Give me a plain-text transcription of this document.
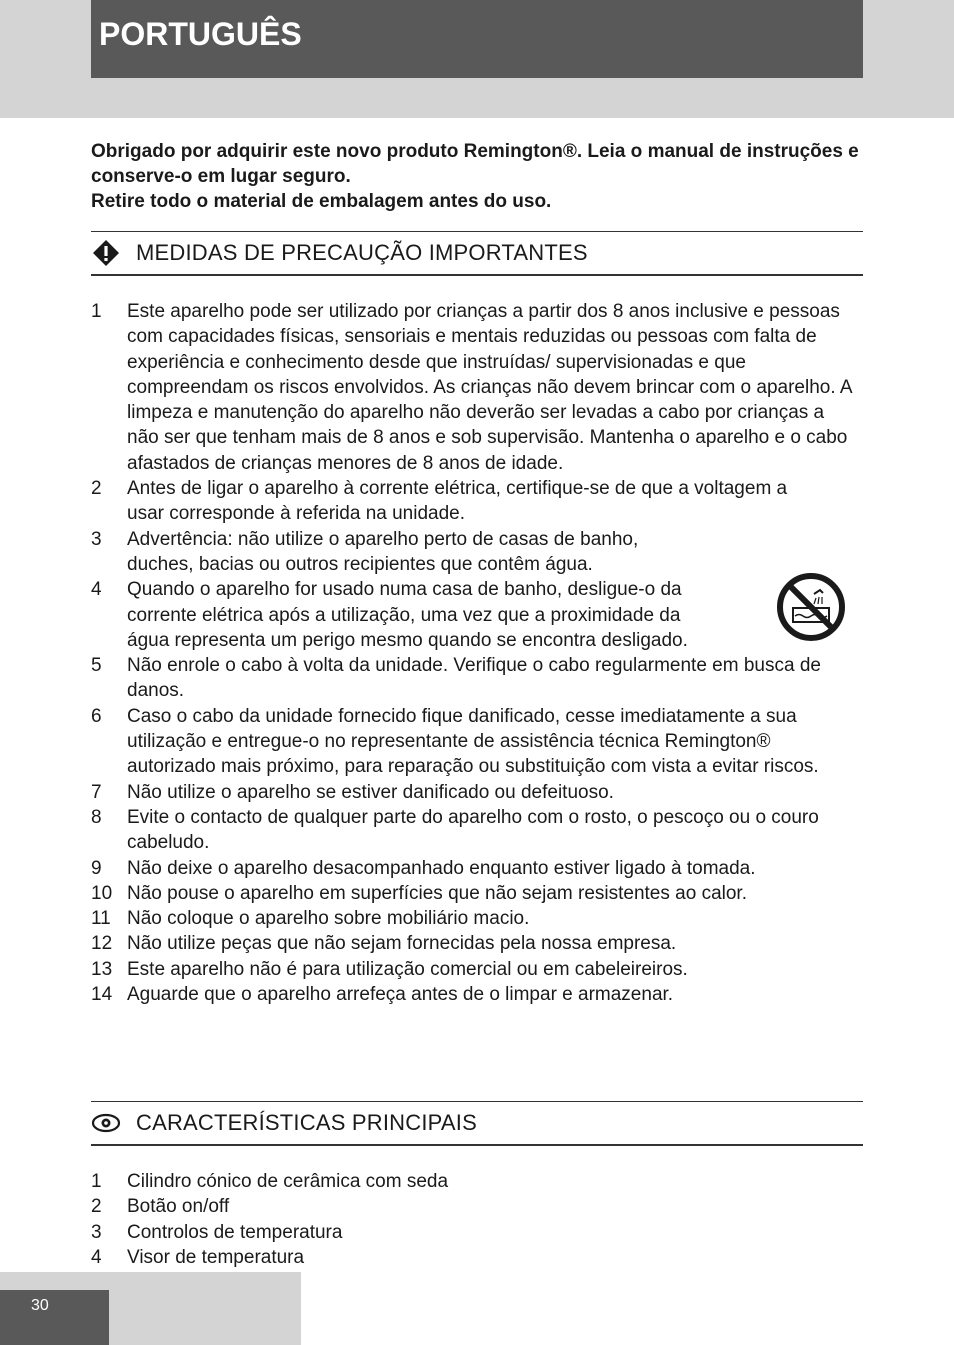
PORTUGUÊS

Obrigado por adquirir este novo produto Remington®. Leia o manual de instruções e conserve-o em lugar seguro.

Retire todo o material de embalagem antes do uso.

MEDIDAS DE PRECAUÇÃO IMPORTANTES
1	Este aparelho pode ser utilizado por crianças a partir dos 8 anos inclusive e pessoas com capacidades físicas, sensoriais e mentais reduzidas ou pessoas com falta de experiência e conhecimento desde que instruídas/ supervisionadas e que compreendam os riscos envolvidos. As crianças não devem brincar com o aparelho. A limpeza e manutenção do aparelho não deverão ser levadas a cabo por crianças a não ser que tenham mais de 8 anos e sob supervisão. Mantenha o aparelho e o cabo afastados de crianças menores de 8 anos de idade.
2	Antes de ligar o aparelho à corrente elétrica, certifique-se de que a voltagem a usar corresponde à referida na unidade.
3	Advertência: não utilize o aparelho perto de casas de banho, duches, bacias ou outros recipientes que contêm água.
4	Quando o aparelho for usado numa casa de banho, desligue-o da corrente elétrica após a utilização, uma vez que a proximidade da água representa um perigo mesmo quando se encontra desligado.
5	Não enrole o cabo à volta da unidade. Verifique o cabo regularmente em busca de danos.
6	Caso o cabo da unidade fornecido fique danificado, cesse imediatamente a sua utilização e entregue-o no representante de assistência técnica Remington® autorizado mais próximo, para reparação ou substituição com vista a evitar riscos.
7	Não utilize o aparelho se estiver danificado ou defeituoso.
8	Evite o contacto de qualquer parte do aparelho com o rosto, o pescoço ou o couro cabeludo.
9	Não deixe o aparelho desacompanhado enquanto estiver ligado à tomada.
10 Não pouse o aparelho em superfícies que não sejam resistentes ao calor.
11 Não coloque o aparelho sobre mobiliário macio.
12 Não utilize peças que não sejam fornecidas pela nossa empresa.
13 Este aparelho não é para utilização comercial ou em cabeleireiros.
14 Aguarde que o aparelho arrefeça antes de o limpar e armazenar.
CARACTERÍSTICAS PRINCIPAIS
1	Cilindro cónico de cerâmica com seda
2	Botão on/off
3	Controlos de temperatura
4	Visor de temperatura
30
